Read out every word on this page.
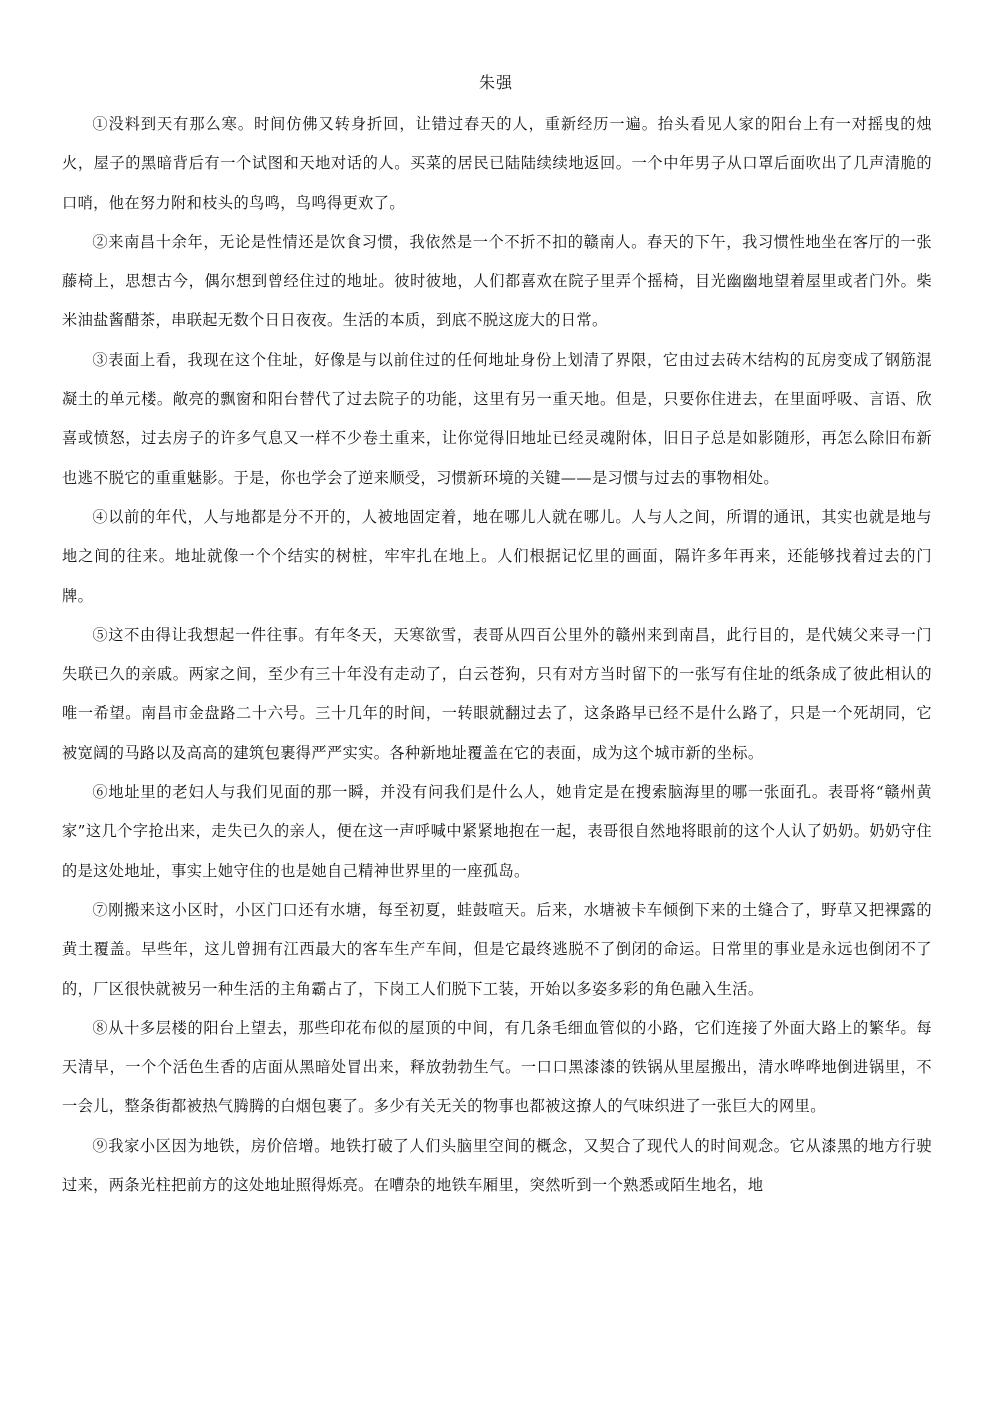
朱强

①没料到天有那么寒。时间仿佛又转身折回，让错过春天的人，重新经历一遍。抬头看见人家的阳台上有一对摇曳的烛火，屋子的黑暗背后有一个试图和天地对话的人。买菜的居民已陆陆续续地返回。一个中年男子从口罩后面吹出了几声清脆的口哨，他在努力附和枝头的鸟鸣，鸟鸣得更欢了。

②来南昌十余年，无论是性情还是饮食习惯，我依然是一个不折不扣的赣南人。春天的下午，我习惯性地坐在客厅的一张藤椅上，思想古今，偶尔想到曾经住过的地址。彼时彼地，人们都喜欢在院子里弄个摇椅，目光幽幽地望着屋里或者门外。柴米油盐酱醋茶，串联起无数个日日夜夜。生活的本质，到底不脱这庞大的日常。

③表面上看，我现在这个住址，好像是与以前住过的任何地址身份上划清了界限，它由过去砖木结构的瓦房变成了钢筋混凝土的单元楼。敞亮的飘窗和阳台替代了过去院子的功能，这里有另一重天地。但是，只要你住进去，在里面呼吸、言语、欣喜或愤怒，过去房子的许多气息又一样不少卷土重来，让你觉得旧地址已经灵魂附体，旧日子总是如影随形，再怎么除旧布新也逃不脱它的重重魅影。于是，你也学会了逆来顺受，习惯新环境的关键——是习惯与过去的事物相处。

④以前的年代，人与地都是分不开的，人被地固定着，地在哪儿人就在哪儿。人与人之间，所谓的通讯，其实也就是地与地之间的往来。地址就像一个个结实的树桩，牢牢扎在地上。人们根据记忆里的画面，隔许多年再来，还能够找着过去的门牌。

⑤这不由得让我想起一件往事。有年冬天，天寒欲雪，表哥从四百公里外的赣州来到南昌，此行目的，是代姨父来寻一门失联已久的亲戚。两家之间，至少有三十年没有走动了，白云苍狗，只有对方当时留下的一张写有住址的纸条成了彼此相认的唯一希望。南昌市金盘路二十六号。三十几年的时间，一转眼就翻过去了，这条路早已经不是什么路了，只是一个死胡同，它被宽阔的马路以及高高的建筑包裹得严严实实。各种新地址覆盖在它的表面，成为这个城市新的坐标。

⑥地址里的老妇人与我们见面的那一瞬，并没有问我们是什么人，她肯定是在搜索脑海里的哪一张面孔。表哥将“赣州黄家”这几个字抢出来，走失已久的亲人，便在这一声呼喊中紧紧地抱在一起，表哥很自然地将眼前的这个人认了奶奶。奶奶守住的是这处地址，事实上她守住的也是她自己精神世界里的一座孤岛。

⑦刚搬来这小区时，小区门口还有水塘，每至初夏，蛙鼓喧天。后来，水塘被卡车倾倒下来的土缝合了，野草又把裸露的黄土覆盖。早些年，这儿曾拥有江西最大的客车生产车间，但是它最终逃脱不了倒闭的命运。日常里的事业是永远也倒闭不了的，厂区很快就被另一种生活的主角霸占了，下岗工人们脱下工装，开始以多姿多彩的角色融入生活。

⑧从十多层楼的阳台上望去，那些印花布似的屋顶的中间，有几条毛细血管似的小路，它们连接了外面大路上的繁华。每天清早，一个个活色生香的店面从黑暗处冒出来，释放勃勃生气。一口口黑漆漆的铁锅从里屋搬出，清水哗哗地倒进锅里，不一会儿，整条街都被热气腾腾的白烟包裹了。多少有关无关的物事也都被这撩人的气味织进了一张巨大的网里。

⑨我家小区因为地铁，房价倍增。地铁打破了人们头脑里空间的概念，又契合了现代人的时间观念。它从漆黑的地方行驶过来，两条光柱把前方的这处地址照得烁亮。在嘈杂的地铁车厢里，突然听到一个熟悉或陌生地名，地
